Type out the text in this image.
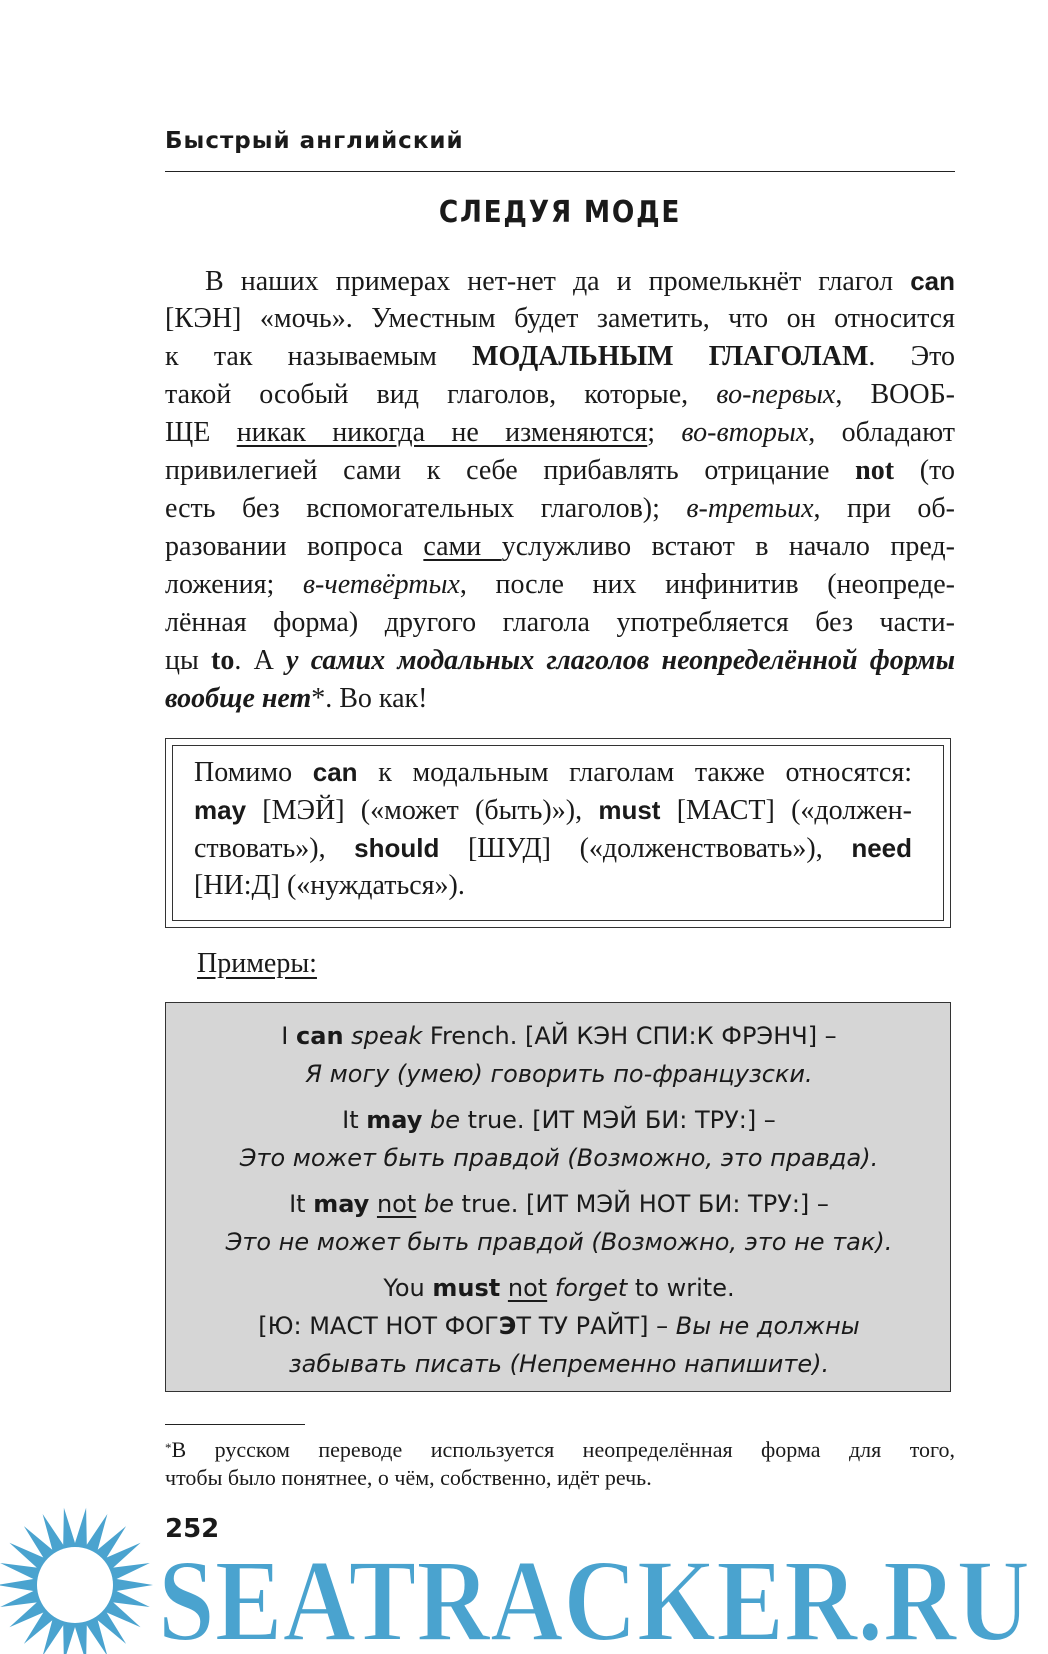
Быстрый английский
СЛЕДУЯ МОДЕ
В наших примерах нет-нет да и промелькнёт глагол can
[КЭН] «мочь». Уместным будет заметить, что он относится
к так называемым МОДАЛЬНЫМ ГЛАГОЛАМ. Это
такой особый вид глаголов, которые, во-первых, ВООБ-
ЩЕ никак никогда не изменяются; во-вторых, обладают
привилегией сами к себе прибавлять отрицание not (то
есть без вспомогательных глаголов); в-третьих, при об-
разовании вопроса сами услужливо встают в начало пред-
ложения; в-четвёртых, после них инфинитив (неопреде-
лённая форма) другого глагола употребляется без части-
цы to. А у самих модальных глаголов неопределённой формы
вообще нет*. Во как!
Помимо can к модальным глаголам также относятся:
may [МЭЙ] («может (быть)»), must [МАСТ] («должен-
ствовать»), should [ШУД] («долженствовать»), need
[НИ:Д] («нуждаться»).
Примеры:
I can speak French. [АЙ КЭН СПИ:К ФРЭНЧ] –
Я могу (умею) говорить по-французски.
It may be true. [ИТ МЭЙ БИ: ТРУ:] –
Это может быть правдой (Возможно, это правда).
It may not be true. [ИТ МЭЙ НОТ БИ: ТРУ:] –
Это не может быть правдой (Возможно, это не так).
You must not forget to write.
[Ю: МАСТ НОТ ФОГЭТ ТУ РАЙТ] – Вы не должны
забывать писать (Непременно напишите).
*В русском переводе используется неопределённая форма для того,
чтобы было понятнее, о чём, собственно, идёт речь.
252
SEATRACKER.RU
